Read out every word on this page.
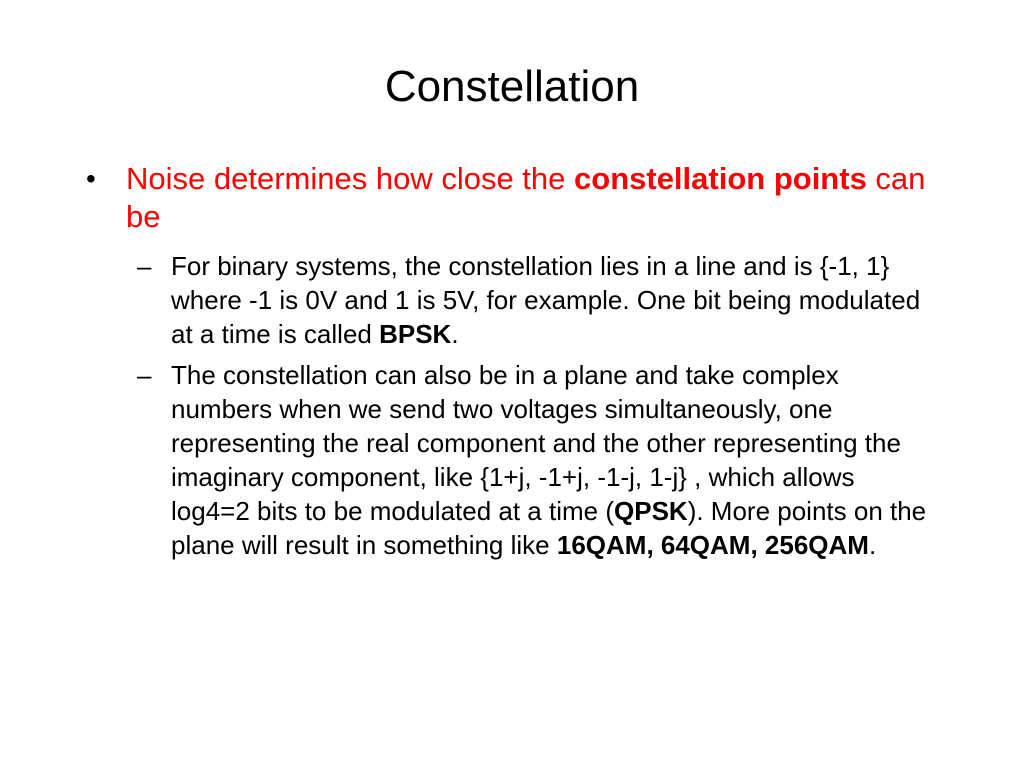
Constellation
• Noise determines how close the constellation points can be
– For binary systems, the constellation lies in a line and is {-1, 1} where -1 is 0V and 1 is 5V, for example. One bit being modulated at a time is called BPSK.
– The constellation can also be in a plane and take complex numbers when we send two voltages simultaneously, one representing the real component and the other representing the imaginary component, like {1+j, -1+j, -1-j, 1-j} , which allows log4=2 bits to be modulated at a time (QPSK). More points on the plane will result in something like 16QAM, 64QAM, 256QAM.
